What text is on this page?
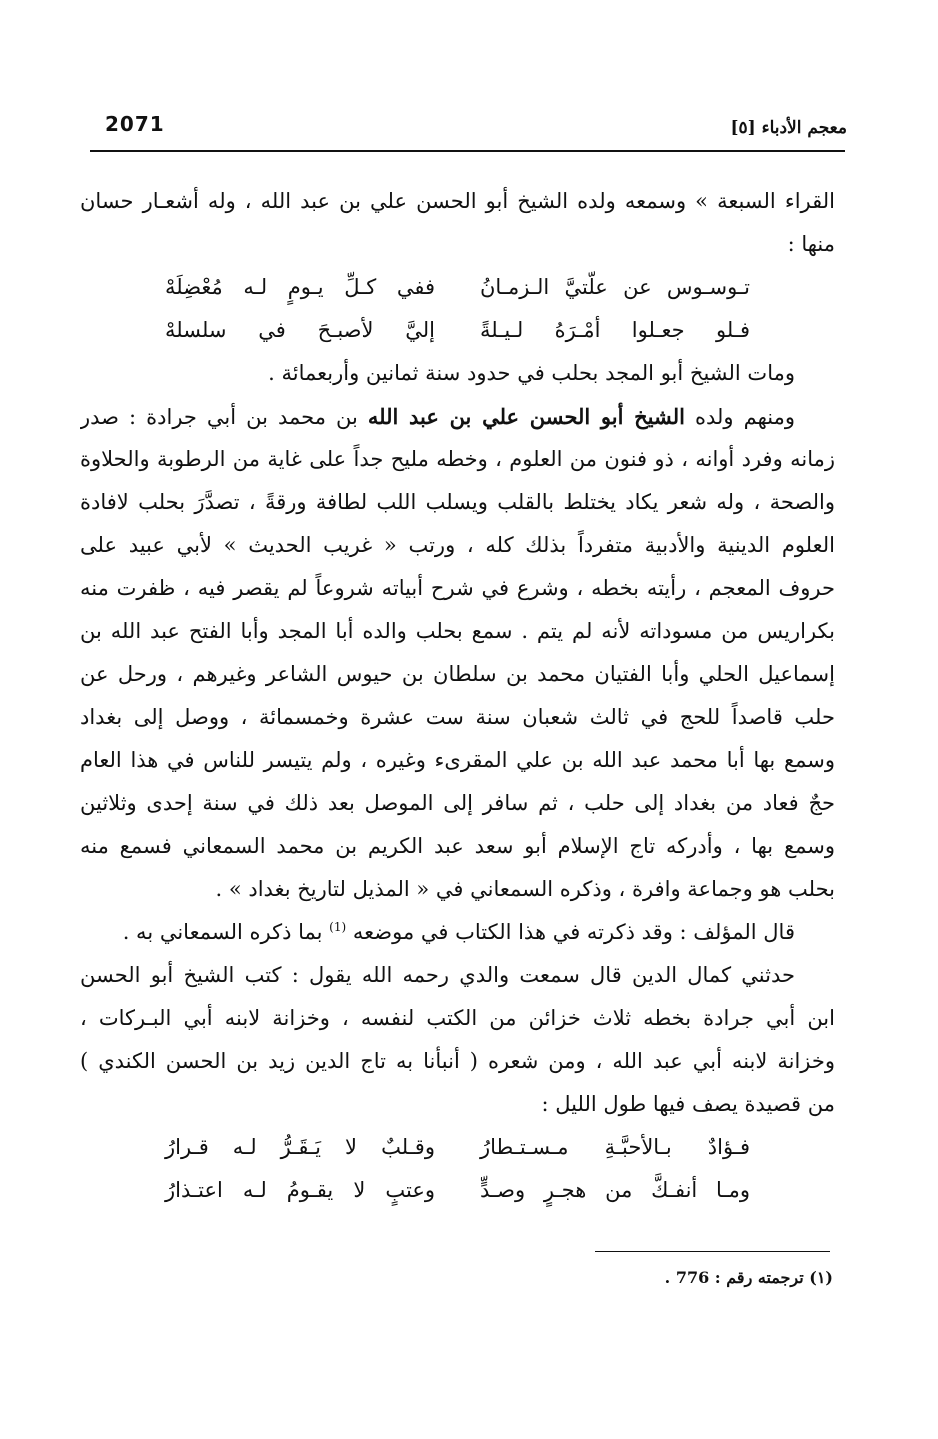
2071	معجم الأدباء [٥]
القراء السبعة » وسمعه ولده الشيخ أبو الحسن علي بن عبد الله ، وله أشعـار حسان
منها :
تـوسـوس عن علّتيَّ الـزمـانُ
ففي كـلِّ يـومٍ لـه مُعْضِلَهْ
فـلو جعـلوا أمْـرَهُ لـيـلةً
إليَّ لأصبـحَ في سلسلهْ
ومات الشيخ أبو المجد بحلب في حدود سنة ثمانين وأربعمائة .
ومنهم ولده الشيخ أبو الحسن علي بن عبد الله بن محمد بن أبي جرادة : صدر
زمانه وفرد أوانه ، ذو فنون من العلوم ، وخطه مليح جداً على غاية من الرطوبة والحلاوة
والصحة ، وله شعر يكاد يختلط بالقلب ويسلب اللب لطافة ورقةً ، تصدَّرَ بحلب لافادة
العلوم الدينية والأدبية متفرداً بذلك كله ، ورتب « غريب الحديث » لأبي عبيد على
حروف المعجم ، رأيته بخطه ، وشرع في شرح أبياته شروعاً لم يقصر فيه ، ظفرت منه
بكراريس من مسوداته لأنه لم يتم . سمع بحلب والده أبا المجد وأبا الفتح عبد الله بن
إسماعيل الحلي وأبا الفتيان محمد بن سلطان بن حيوس الشاعر وغيرهم ، ورحل عن
حلب قاصداً للحج في ثالث شعبان سنة ست عشرة وخمسمائة ، ووصل إلى بغداد
وسمع بها أبا محمد عبد الله بن علي المقرىء وغيره ، ولم يتيسر للناس في هذا العام
حجٌ فعاد من بغداد إلى حلب ، ثم سافر إلى الموصل بعد ذلك في سنة إحدى وثلاثين
وسمع بها ، وأدركه تاج الإسلام أبو سعد عبد الكريم بن محمد السمعاني فسمع منه
بحلب هو وجماعة وافرة ، وذكره السمعاني في « المذيل لتاريخ بغداد » .
قال المؤلف : وقد ذكرته في هذا الكتاب في موضعه $^{(1)}$ بما ذكره السمعاني به .
حدثني كمال الدين قال سمعت والدي رحمه الله يقول : كتب الشيخ أبو الحسن
ابن أبي جرادة بخطه ثلاث خزائن من الكتب لنفسه ، وخزانة لابنه أبي البـركات ،
وخزانة لابنه أبي عبد الله ، ومن شعره ( أنبأنا به تاج الدين زيد بن الحسن الكندي )
من قصيدة يصف فيها طول الليل :
فـؤادٌ بـالأحبَّـةِ مـسـتـطارُ
وقـلبٌ لا يَـقَـرُّ لـه قـرارُ
ومـا أنفـكَّ من هجـرٍ وصـدٍّ
وعتبٍ لا يقـومُ لـه اعتـذارُ
(١) ترجمته رقم : 776 .
